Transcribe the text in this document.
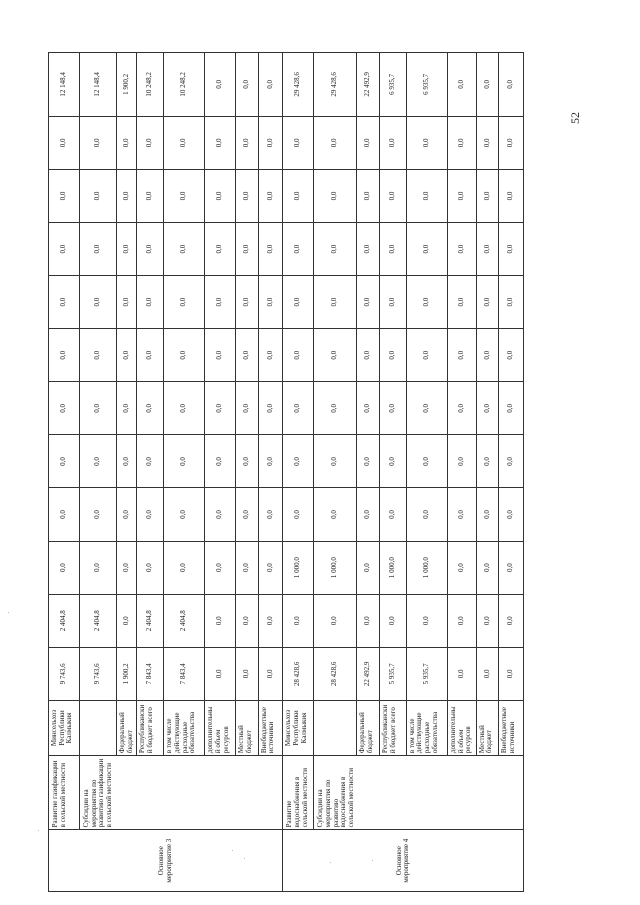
Основное мероприятие 3	Развитие газификации в сельской местности	Минсельхоз Республики Калмыкия	9 743,6	2 404,8	0,0	0,0	0,0	0,0	0,0	0,0	0,0	0,0	0,0	12 148,4
	Субсидии на мероприятия по развитию газификации в сельской местности		9 743,6	2 404,8	0,0	0,0	0,0	0,0	0,0	0,0	0,0	0,0	0,0	12 148,4
		Федеральный бюджет	1 900,2	0,0	0,0	0,0	0,0	0,0	0,0	0,0	0,0	0,0	0,0	1 900,2
		Республиканский бюджет всего	7 843,4	2 404,8	0,0	0,0	0,0	0,0	0,0	0,0	0,0	0,0	0,0	10 248,2
		в том числе действующие расходные обязательства	7 843,4	2 404,8	0,0	0,0	0,0	0,0	0,0	0,0	0,0	0,0	0,0	10 248,2
		дополнительный объем ресурсов	0,0	0,0	0,0	0,0	0,0	0,0	0,0	0,0	0,0	0,0	0,0	0,0
		Местный бюджет	0,0	0,0	0,0	0,0	0,0	0,0	0,0	0,0	0,0	0,0	0,0	0,0
		Внебюджетные источники	0,0	0,0	0,0	0,0	0,0	0,0	0,0	0,0	0,0	0,0	0,0	0,0
Основное мероприятие 4	Развитие водоснабжения в сельской местности	Минсельхоз Республики Калмыкия	28 428,6	0,0	1 000,0	0,0	0,0	0,0	0,0	0,0	0,0	0,0	0,0	29 428,6
	Субсидии на мероприятия по развитию водоснабжения в сельской местности		28 428,6	0,0	1 000,0	0,0	0,0	0,0	0,0	0,0	0,0	0,0	0,0	29 428,6
		Федеральный бюджет	22 492,9	0,0	0,0	0,0	0,0	0,0	0,0	0,0	0,0	0,0	0,0	22 492,9
		Республиканский бюджет всего	5 935,7	0,0	1 000,0	0,0	0,0	0,0	0,0	0,0	0,0	0,0	0,0	6 935,7
		в том числе действующие расходные обязательства	5 935,7	0,0	1 000,0	0,0	0,0	0,0	0,0	0,0	0,0	0,0	0,0	6 935,7
		дополнительный объем ресурсов	0,0	0,0	0,0	0,0	0,0	0,0	0,0	0,0	0,0	0,0	0,0	0,0
		Местный бюджет	0,0	0,0	0,0	0,0	0,0	0,0	0,0	0,0	0,0	0,0	0,0	0,0
		Внебюджетные источники	0,0	0,0	0,0	0,0	0,0	0,0	0,0	0,0	0,0	0,0	0,0	0,0
52
